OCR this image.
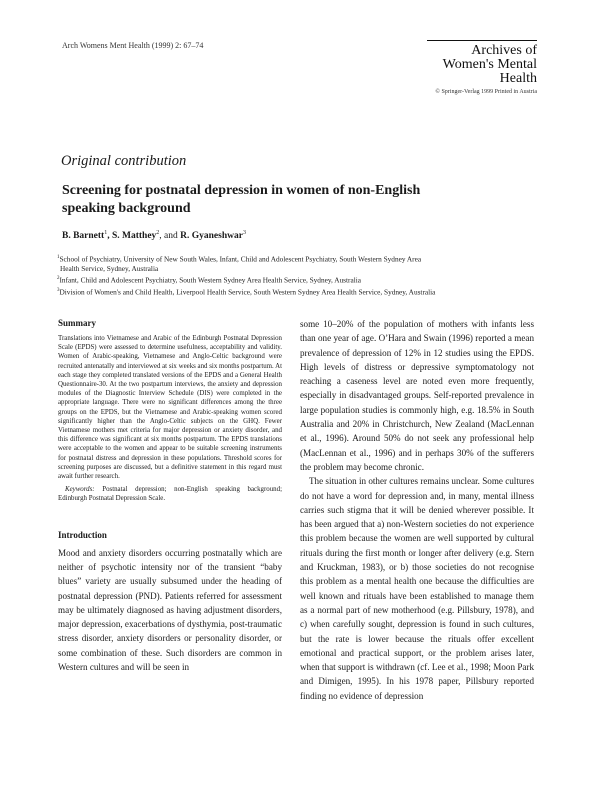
Arch Womens Ment Health (1999) 2: 67–74	Archives of Women's Mental Health
© Springer-Verlag 1999 Printed in Austria
Original contribution
Screening for postnatal depression in women of non-English speaking background
B. Barnett$^1$, S. Matthey$^2$, and R. Gyaneshwar$^3$

$^1$School of Psychiatry, University of New South Wales, Infant, Child and Adolescent Psychiatry, South Western Sydney Area

Health Service, Sydney, Australia

$^2$Infant, Child and Adolescent Psychiatry, South Western Sydney Area Health Service, Sydney, Australia

$^3$Division of Women's and Child Health, Liverpool Health Service, South Western Sydney Area Health Service, Sydney, Australia

Summary

Translations into Vietnamese and Arabic of the Edinburgh Postnatal Depression Scale (EPDS) were assessed to determine usefulness, acceptability and validity. Women of Arabic-speaking, Vietnamese and Anglo-Celtic background were recruited antenatally and interviewed at six weeks and six months postpartum. At each stage they completed translated versions of the EPDS and a General Health Questionnaire-30. At the two postpartum interviews, the anxiety and depression modules of the Diagnostic Interview Schedule (DIS) were completed in the appropriate language. There were no significant differences among the three groups on the EPDS, but the Vietnamese and Arabic-speaking women scored significantly higher than the Anglo-Celtic subjects on the GHQ. Fewer Vietnamese mothers met criteria for major depression or anxiety disorder, and this difference was significant at six months postpartum. The EPDS translations were acceptable to the women and appear to be suitable screening instruments for postnatal distress and depression in these populations. Threshold scores for screening purposes are discussed, but a definitive statement in this regard must await further research.

Keywords: Postnatal depression; non-English speaking background; Edinburgh Postnatal Depression Scale.

Introduction

Mood and anxiety disorders occurring postnatally which are neither of psychotic intensity nor of the transient “baby blues” variety are usually subsumed under the heading of postnatal depression (PND). Patients referred for assessment may be ultimately diagnosed as having adjustment disorders, major depression, exacerbations of dysthymia, post-traumatic stress disorder, anxiety disorders or personality disorder, or some combination of these. Such disorders are common in Western cultures and will be seen in

some 10–20% of the population of mothers with infants less than one year of age. O’Hara and Swain (1996) reported a mean prevalence of depression of 12% in 12 studies using the EPDS. High levels of distress or depressive symptomatology not reaching a caseness level are noted even more frequently, especially in disadvantaged groups. Self-reported prevalence in large population studies is commonly high, e.g. 18.5% in South Australia and 20% in Christchurch, New Zealand (MacLennan et al., 1996). Around 50% do not seek any professional help (MacLennan et al., 1996) and in perhaps 30% of the sufferers the problem may become chronic.

The situation in other cultures remains unclear. Some cultures do not have a word for depression and, in many, mental illness carries such stigma that it will be denied wherever possible. It has been argued that a) non-Western societies do not experience this problem because the women are well supported by cultural rituals during the first month or longer after delivery (e.g. Stern and Kruckman, 1983), or b) those societies do not recognise this problem as a mental health one because the difficulties are well known and rituals have been established to manage them as a normal part of new motherhood (e.g. Pillsbury, 1978), and c) when carefully sought, depression is found in such cultures, but the rate is lower because the rituals offer excellent emotional and practical support, or the problem arises later, when that support is withdrawn (cf. Lee et al., 1998; Moon Park and Dimigen, 1995). In his 1978 paper, Pillsbury reported finding no evidence of depression
